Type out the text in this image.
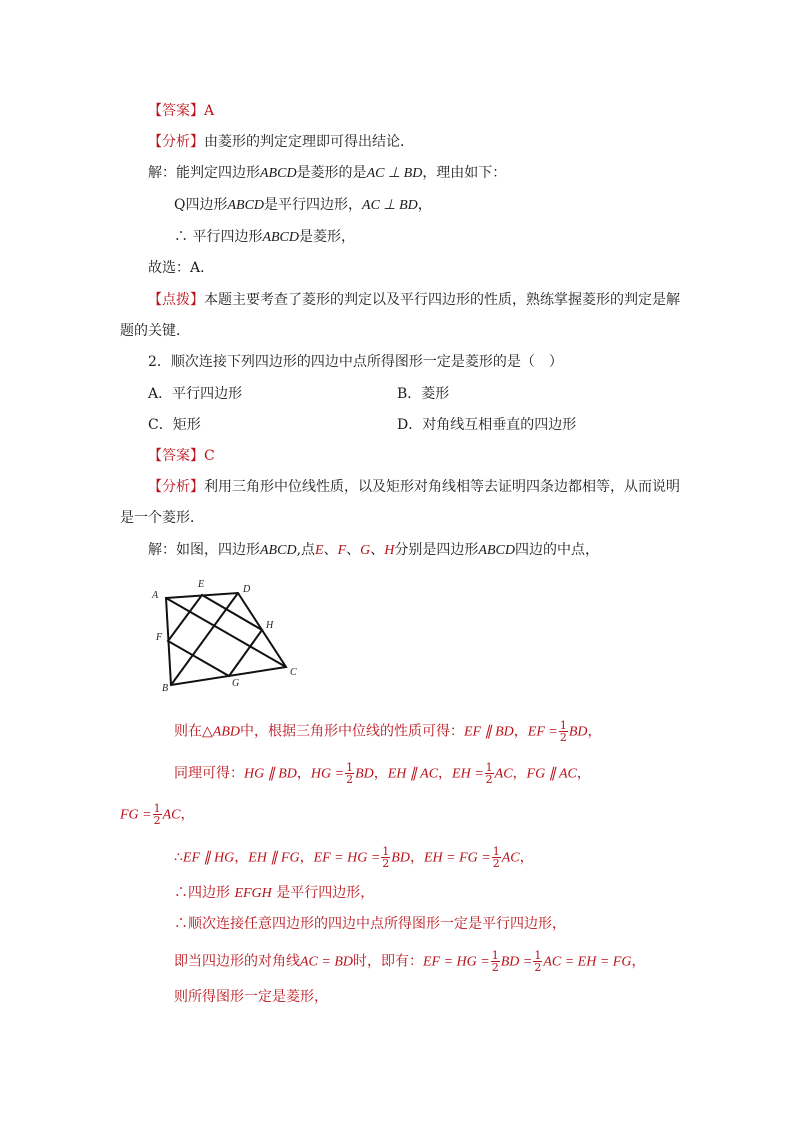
【答案】A
【分析】由菱形的判定定理即可得出结论．
解：能判定四边形ABCD是菱形的是AC ⊥ BD，理由如下：
Q四边形ABCD是平行四边形，AC ⊥ BD，
∴ 平行四边形ABCD是菱形，
故选：A．
【点拨】本题主要考查了菱形的判定以及平行四边形的性质，熟练掌握菱形的判定是解
题的关键．
2．顺次连接下列四边形的四边中点所得图形一定是菱形的是（　）
A．平行四边形	B．菱形
C．矩形	D．对角线互相垂直的四边形
【答案】C
【分析】利用三角形中位线性质，以及矩形对角线相等去证明四条边都相等，从而说明
是一个菱形．
解：如图，四边形ABCD,点E、F、G、H分别是四边形ABCD四边的中点，
A
E	D
F
H
C
B	G
则在△ABD中，根据三角形中位线的性质可得：EF ∥ BD，EF = $\frac{1}{2}$ BD，
同理可得：HG ∥ BD，HG = $\frac{1}{2}$ BD，EH ∥ AC，EH = $\frac{1}{2}$ AC，FG ∥ AC，
FG = $\frac{1}{2}$ AC，
∴EF ∥ HG，EH ∥ FG，EF = HG = $\frac{1}{2}$ BD，EH = FG = $\frac{1}{2}$ AC，
∴四边形 EFGH 是平行四边形，
∴顺次连接任意四边形的四边中点所得图形一定是平行四边形，
即当四边形的对角线AC = BD时，即有：EF = HG = $\frac{1}{2}$ BD = $\frac{1}{2}$ AC = EH = FG，
则所得图形一定是菱形，
